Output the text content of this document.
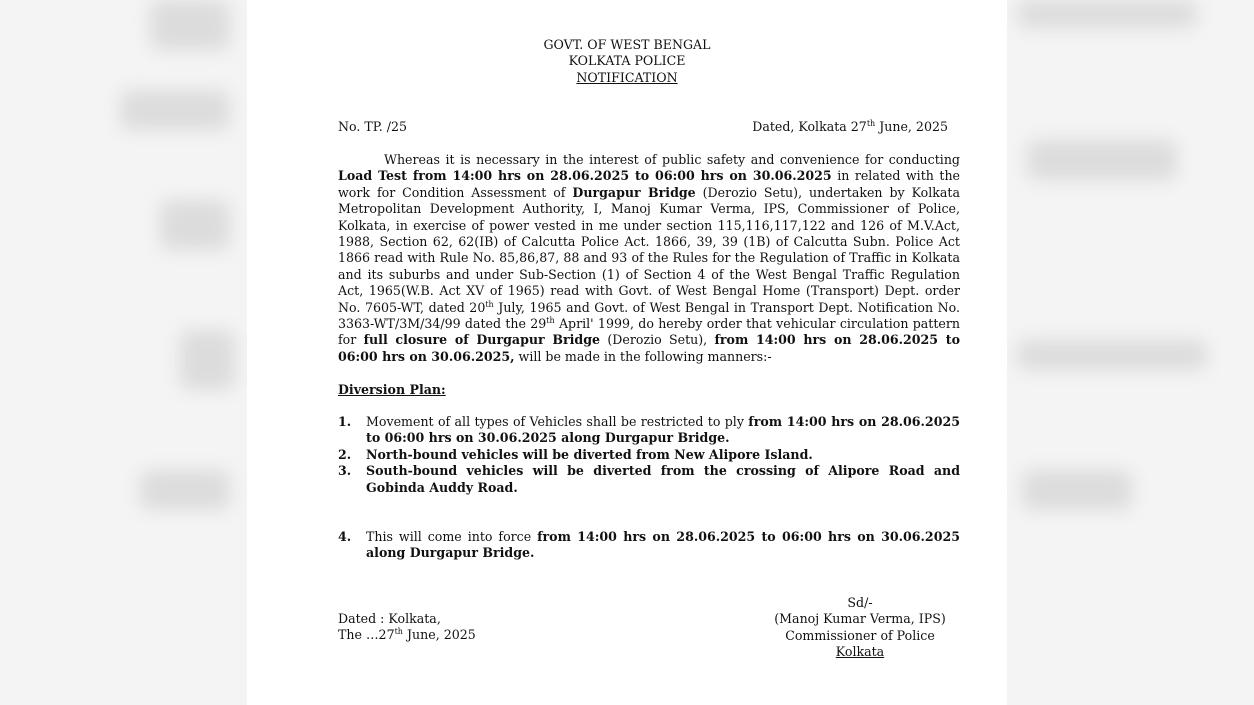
GOVT. OF WEST BENGAL
KOLKATA POLICE
NOTIFICATION
No. TP. /25	Dated, Kolkata 27th June, 2025
Whereas it is necessary in the interest of public safety and convenience for conducting Load Test from 14:00 hrs on 28.06.2025 to 06:00 hrs on 30.06.2025 in related with the work for Condition Assessment of Durgapur Bridge (Derozio Setu), undertaken by Kolkata Metropolitan Development Authority, I, Manoj Kumar Verma, IPS, Commissioner of Police, Kolkata, in exercise of power vested in me under section 115,116,117,122 and 126 of M.V.Act, 1988, Section 62, 62(IB) of Calcutta Police Act. 1866, 39, 39 (1B) of Calcutta Subn. Police Act 1866 read with Rule No. 85,86,87, 88 and 93 of the Rules for the Regulation of Traffic in Kolkata and its suburbs and under Sub-Section (1) of Section 4 of the West Bengal Traffic Regulation Act, 1965(W.B. Act XV of 1965) read with Govt. of West Bengal Home (Transport) Dept. order No. 7605-WT, dated 20th July, 1965 and Govt. of West Bengal in Transport Dept. Notification No. 3363-WT/3M/34/99 dated the 29th April' 1999, do hereby order that vehicular circulation pattern for full closure of Durgapur Bridge (Derozio Setu), from 14:00 hrs on 28.06.2025 to 06:00 hrs on 30.06.2025, will be made in the following manners:-
Diversion Plan:
1. Movement of all types of Vehicles shall be restricted to ply from 14:00 hrs on 28.06.2025 to 06:00 hrs on 30.06.2025 along Durgapur Bridge.
2. North-bound vehicles will be diverted from New Alipore Island.
3. South-bound vehicles will be diverted from the crossing of Alipore Road and Gobinda Auddy Road.
4. This will come into force from 14:00 hrs on 28.06.2025 to 06:00 hrs on 30.06.2025 along Durgapur Bridge.
Dated : Kolkata,
The …27th June, 2025
Sd/-
(Manoj Kumar Verma, IPS)
Commissioner of Police
Kolkata
